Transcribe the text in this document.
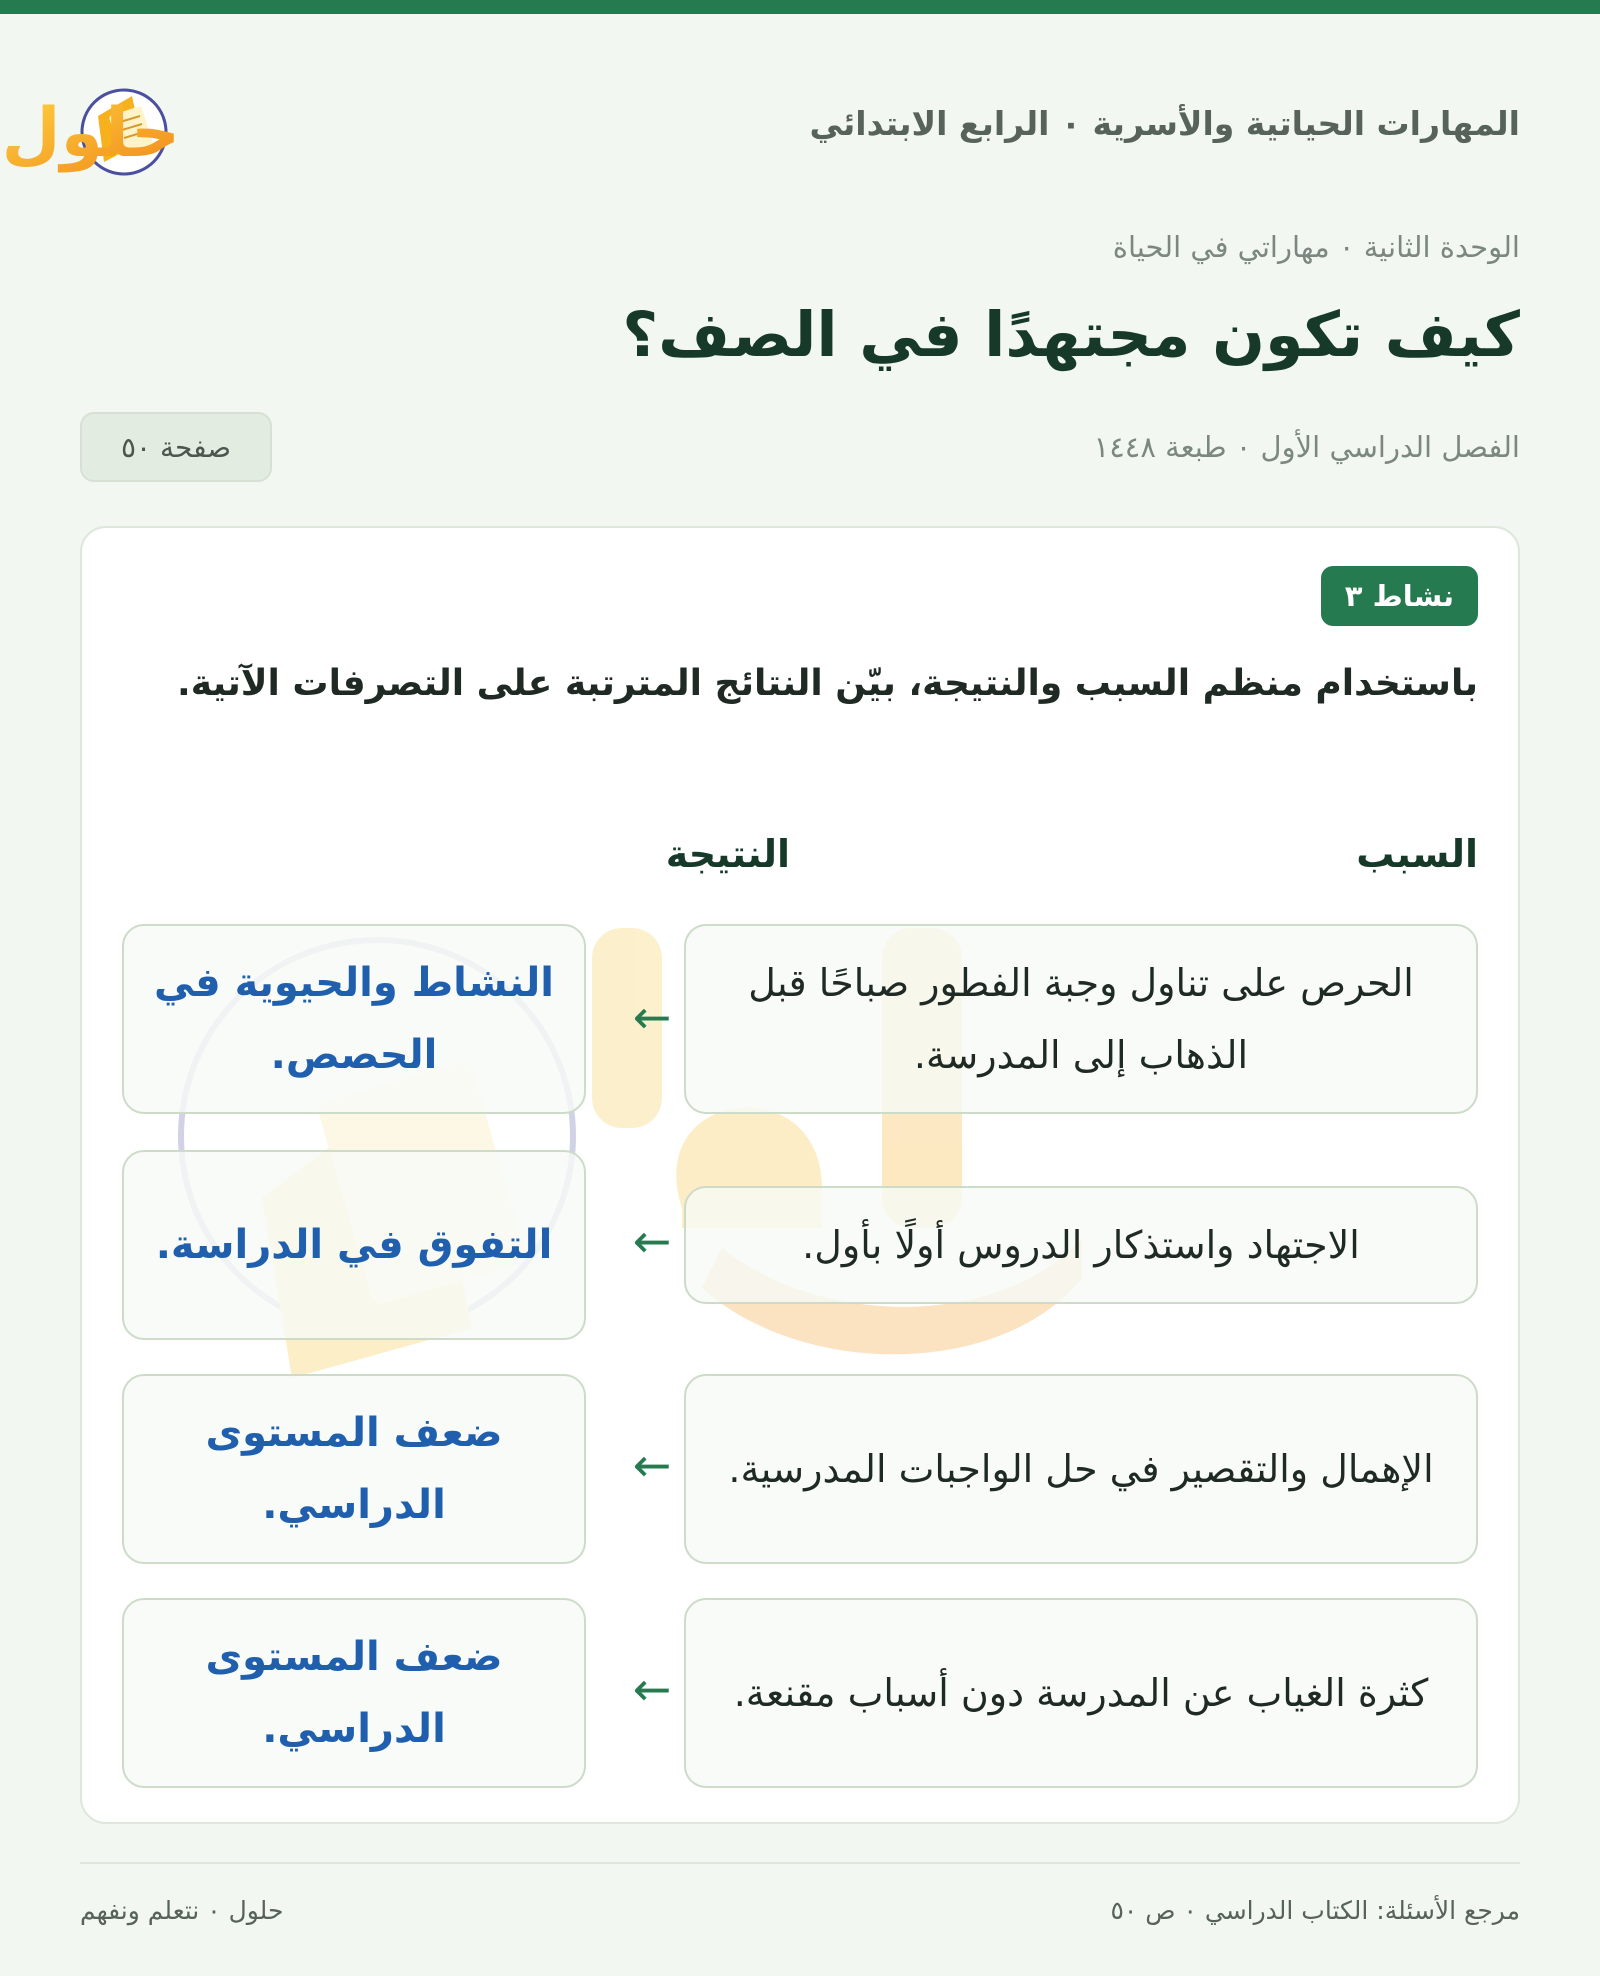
المهارات الحياتية والأسرية ٠ الرابع الابتدائي
حلول
الوحدة الثانية ٠ مهاراتي في الحياة
كيف تكون مجتهدًا في الصف؟
الفصل الدراسي الأول ٠ طبعة ١٤٤٨
صفحة ٥٠
نشاط ٣
باستخدام منظم السبب والنتيجة، بيّن النتائج المترتبة على التصرفات الآتية.
السبب
النتيجة
الحرص على تناول وجبة الفطور صباحًا قبل الذهاب إلى المدرسة.
←
النشاط والحيوية في الحصص.
الاجتهاد واستذكار الدروس أولًا بأول.
←
التفوق في الدراسة.
الإهمال والتقصير في حل الواجبات المدرسية.
←
ضعف المستوى الدراسي.
كثرة الغياب عن المدرسة دون أسباب مقنعة.
←
ضعف المستوى الدراسي.
مرجع الأسئلة: الكتاب الدراسي ٠ ص ٥٠
حلول ٠ نتعلم ونفهم
